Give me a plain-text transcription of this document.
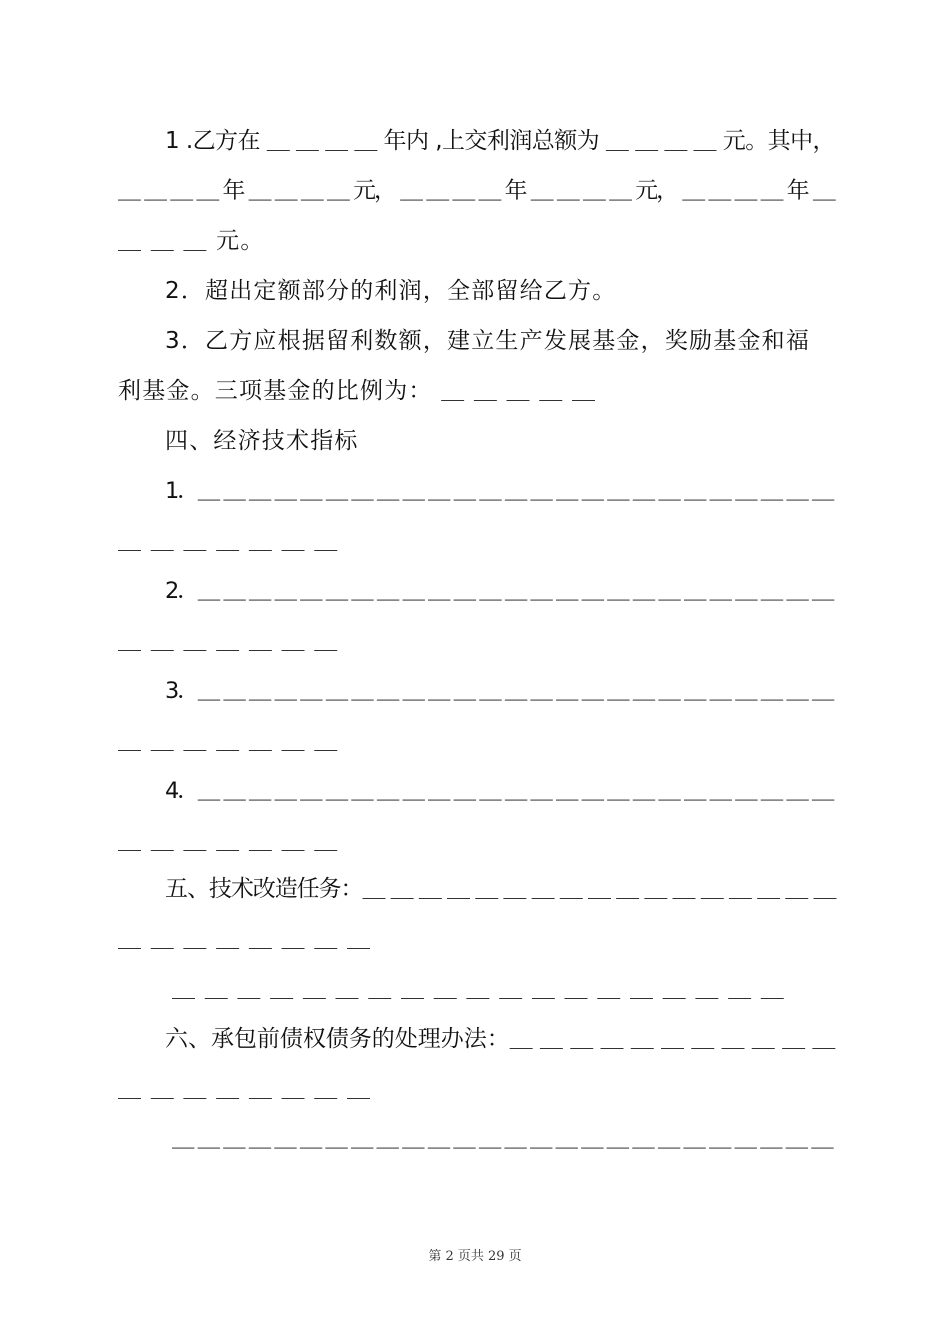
1 .乙方在 ＿ ＿ ＿ ＿ 年内 ,上交利润总额为 ＿ ＿ ＿ ＿ 元。其中，
＿ ＿ ＿ ＿ 年 ＿ ＿ ＿ ＿ 元， ＿ ＿ ＿ ＿ 年 ＿ ＿ ＿ ＿ 元， ＿ ＿ ＿ ＿ 年 ＿
＿ ＿ ＿ 元。
2．超出定额部分的利润，全部留给乙方。
3．乙方应根据留利数额，建立生产发展基金，奖励基金和福
利基金。三项基金的比例为： ＿ ＿ ＿ ＿ ＿
四、经济技术指标
1．＿ ＿ ＿ ＿ ＿ ＿ ＿ ＿ ＿ ＿ ＿ ＿ ＿ ＿ ＿ ＿ ＿ ＿ ＿ ＿ ＿ ＿ ＿ ＿ ＿
＿ ＿ ＿ ＿ ＿ ＿ ＿
2．＿ ＿ ＿ ＿ ＿ ＿ ＿ ＿ ＿ ＿ ＿ ＿ ＿ ＿ ＿ ＿ ＿ ＿ ＿ ＿ ＿ ＿ ＿ ＿ ＿
＿ ＿ ＿ ＿ ＿ ＿ ＿
3．＿ ＿ ＿ ＿ ＿ ＿ ＿ ＿ ＿ ＿ ＿ ＿ ＿ ＿ ＿ ＿ ＿ ＿ ＿ ＿ ＿ ＿ ＿ ＿ ＿
＿ ＿ ＿ ＿ ＿ ＿ ＿
4．＿ ＿ ＿ ＿ ＿ ＿ ＿ ＿ ＿ ＿ ＿ ＿ ＿ ＿ ＿ ＿ ＿ ＿ ＿ ＿ ＿ ＿ ＿ ＿ ＿
＿ ＿ ＿ ＿ ＿ ＿ ＿
五、技术改造任务：＿ ＿ ＿ ＿ ＿ ＿ ＿ ＿ ＿ ＿ ＿ ＿ ＿ ＿ ＿ ＿ ＿
＿ ＿ ＿ ＿ ＿ ＿ ＿ ＿
＿ ＿ ＿ ＿ ＿ ＿ ＿ ＿ ＿ ＿ ＿ ＿ ＿ ＿ ＿ ＿ ＿ ＿ ＿
六、承包前债权债务的处理办法：＿ ＿ ＿ ＿ ＿ ＿ ＿ ＿ ＿ ＿ ＿
＿ ＿ ＿ ＿ ＿ ＿ ＿ ＿
＿ ＿ ＿ ＿ ＿ ＿ ＿ ＿ ＿ ＿ ＿ ＿ ＿ ＿ ＿ ＿ ＿ ＿ ＿ ＿ ＿ ＿ ＿ ＿ ＿ ＿
第 2 页共 29 页
